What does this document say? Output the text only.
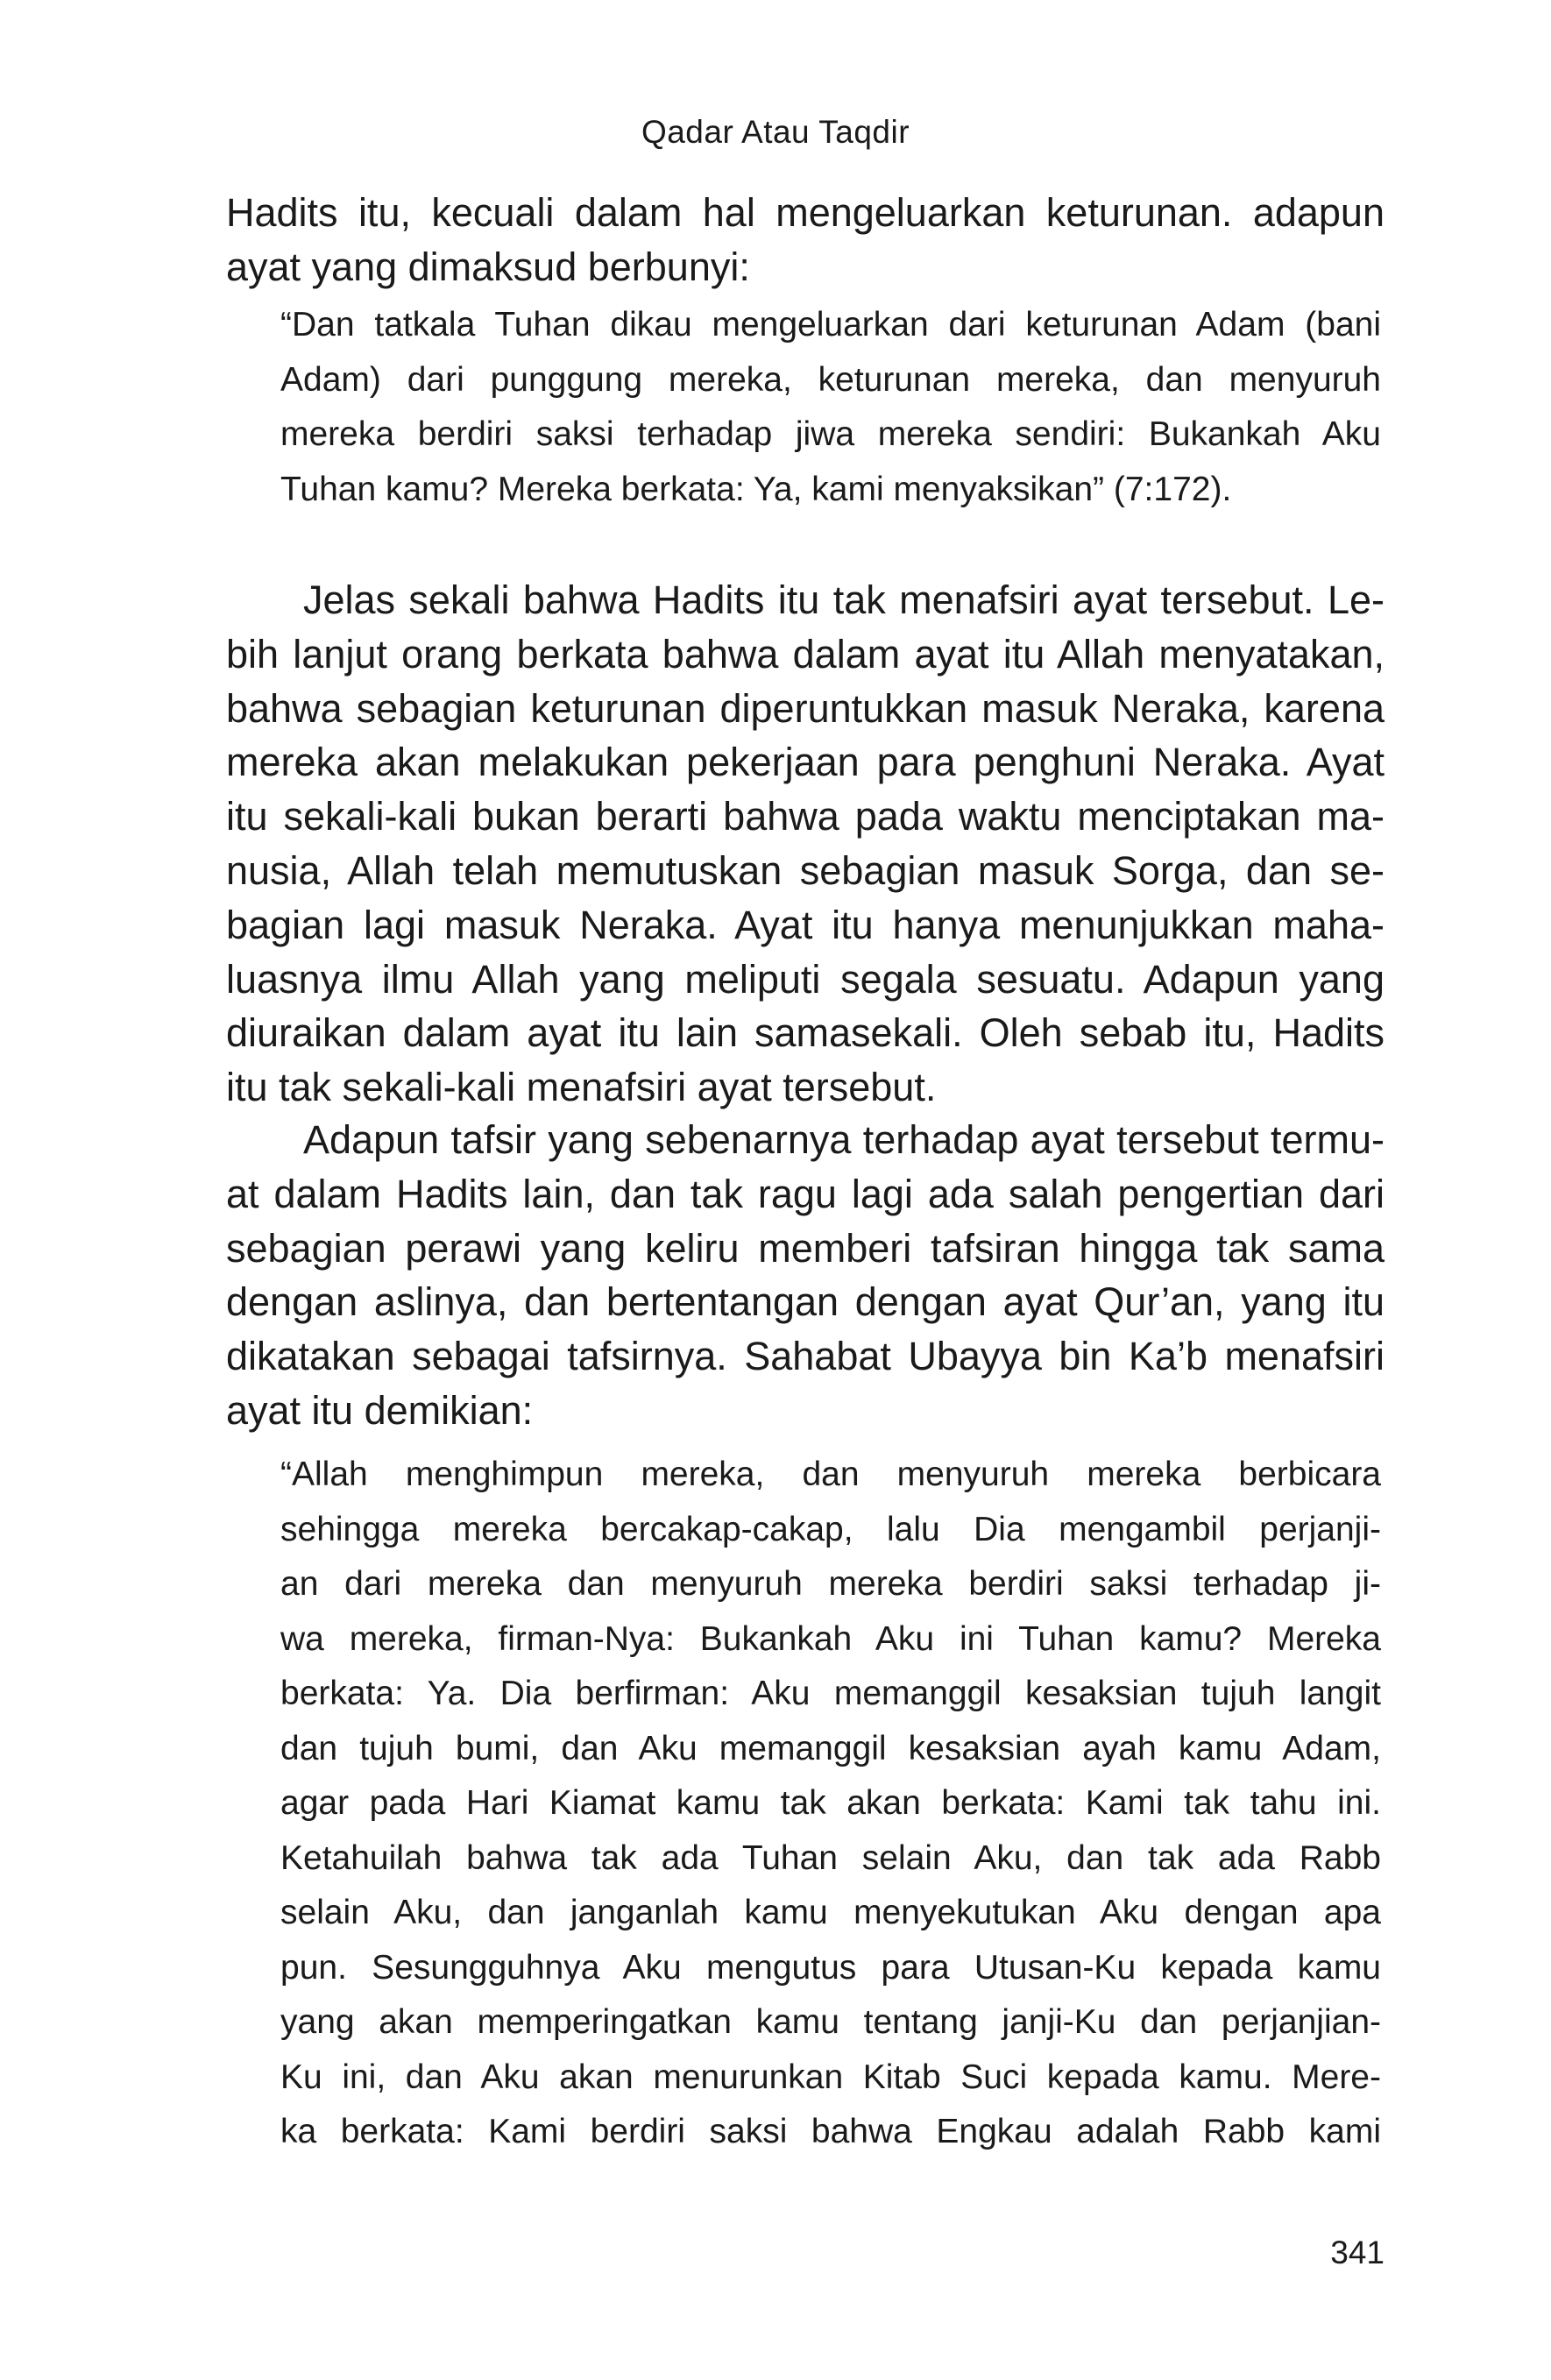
Qadar Atau Taqdir

Hadits itu, kecuali dalam hal mengeluarkan keturunan. adapun
ayat yang dimaksud berbunyi:

“Dan tatkala Tuhan dikau mengeluarkan dari keturunan Adam (bani
Adam) dari punggung mereka, keturunan mereka, dan menyuruh
mereka berdiri saksi terhadap jiwa mereka sendiri: Bukankah Aku
Tuhan kamu? Mereka berkata: Ya, kami menyaksikan” (7:172).

Jelas sekali bahwa Hadits itu tak menafsiri ayat tersebut. Le-
bih lanjut orang berkata bahwa dalam ayat itu Allah menyatakan,
bahwa sebagian keturunan diperuntukkan masuk Neraka, karena
mereka akan melakukan pekerjaan para penghuni Neraka. Ayat
itu sekali-kali bukan berarti bahwa pada waktu menciptakan ma-
nusia, Allah telah memutuskan sebagian masuk Sorga, dan se-
bagian lagi masuk Neraka. Ayat itu hanya menunjukkan maha-
luasnya ilmu Allah yang meliputi segala sesuatu. Adapun yang
diuraikan dalam ayat itu lain samasekali. Oleh sebab itu, Hadits
itu tak sekali-kali menafsiri ayat tersebut.

Adapun tafsir yang sebenarnya terhadap ayat tersebut termu-
at dalam Hadits lain, dan tak ragu lagi ada salah pengertian dari
sebagian perawi yang keliru memberi tafsiran hingga tak sama
dengan aslinya, dan bertentangan dengan ayat Qur’an, yang itu
dikatakan sebagai tafsirnya. Sahabat Ubayya bin Ka’b menafsiri
ayat itu demikian:

“Allah menghimpun mereka, dan menyuruh mereka berbicara
sehingga mereka bercakap-cakap, lalu Dia mengambil perjanji-
an dari mereka dan menyuruh mereka berdiri saksi terhadap ji-
wa mereka, firman-Nya: Bukankah Aku ini Tuhan kamu? Mereka
berkata: Ya. Dia berfirman: Aku memanggil kesaksian tujuh langit
dan tujuh bumi, dan Aku memanggil kesaksian ayah kamu Adam,
agar pada Hari Kiamat kamu tak akan berkata: Kami tak tahu ini.
Ketahuilah bahwa tak ada Tuhan selain Aku, dan tak ada Rabb
selain Aku, dan janganlah kamu menyekutukan Aku dengan apa
pun. Sesungguhnya Aku mengutus para Utusan-Ku kepada kamu
yang akan memperingatkan kamu tentang janji-Ku dan perjanjian-
Ku ini, dan Aku akan menurunkan Kitab Suci kepada kamu. Mere-
ka berkata: Kami berdiri saksi bahwa Engkau adalah Rabb kami

341
